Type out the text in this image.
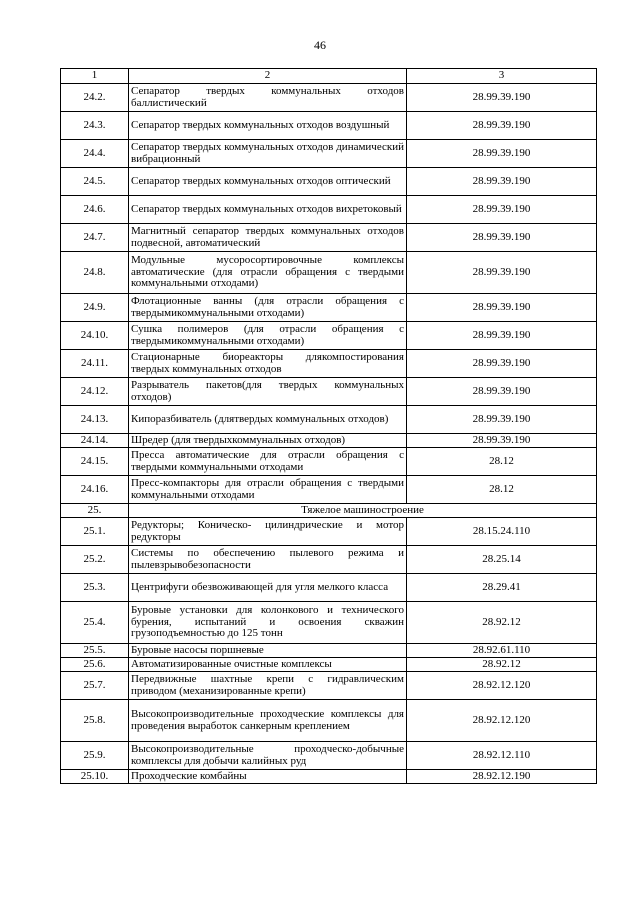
46
1	2	3
24.2.	Сепаратор твердых коммунальных отходов баллистический	28.99.39.190
24.3.	Сепаратор твердых коммунальных отходов воздушный	28.99.39.190
24.4.	Сепаратор твердых коммунальных отходов динамический вибрационный	28.99.39.190
24.5.	Сепаратор твердых коммунальных отходов оптический	28.99.39.190
24.6.	Сепаратор твердых коммунальных отходов вихретоковый	28.99.39.190
24.7.	Магнитный сепаратор твердых коммунальных отходов подвесной, автоматический	28.99.39.190
24.8.	Модульные мусоросортировочные комплексы автоматические (для отрасли обращения с твердыми коммунальными отходами)	28.99.39.190
24.9.	Флотационные ванны (для отрасли обращения с твердымикоммунальными отходами)	28.99.39.190
24.10.	Сушка полимеров (для отрасли обращения с твердымикоммунальными отходами)	28.99.39.190
24.11.	Стационарные биореакторы длякомпостирования твердых коммунальных отходов	28.99.39.190
24.12.	Разрыватель пакетов(для твердых коммунальных отходов)	28.99.39.190
24.13.	Кипоразбиватель (длятвердых коммунальных отходов)	28.99.39.190
24.14.	Шредер (для твердыхкоммунальных отходов)	28.99.39.190
24.15.	Пресса автоматические для отрасли обращения с твердыми коммунальными отходами	28.12
24.16.	Пресс-компакторы для отрасли обращения с твердыми коммунальными отходами	28.12
25.	Тяжелое машиностроение	
25.1.	Редукторы; Коническо- цилиндрические и мотор редукторы	28.15.24.110
25.2.	Системы по обеспечению пылевого режима и пылевзрывобезопасности	28.25.14
25.3.	Центрифуги обезвоживающей для угля мелкого класса	28.29.41
25.4.	Буровые установки для колонкового и технического бурения, испытаний и освоения скважин грузоподъемностью до 125 тонн	28.92.12
25.5.	Буровые насосы поршневые	28.92.61.110
25.6.	Автоматизированные очистные комплексы	28.92.12
25.7.	Передвижные шахтные крепи с гидравлическим приводом (механизированные крепи)	28.92.12.120
25.8.	Высокопроизводительные проходческие комплексы для проведения выработок санкерным креплением	28.92.12.120
25.9.	Высокопроизводительные проходческо-добычные комплексы для добычи калийных руд	28.92.12.110
25.10.	Проходческие комбайны	28.92.12.190
